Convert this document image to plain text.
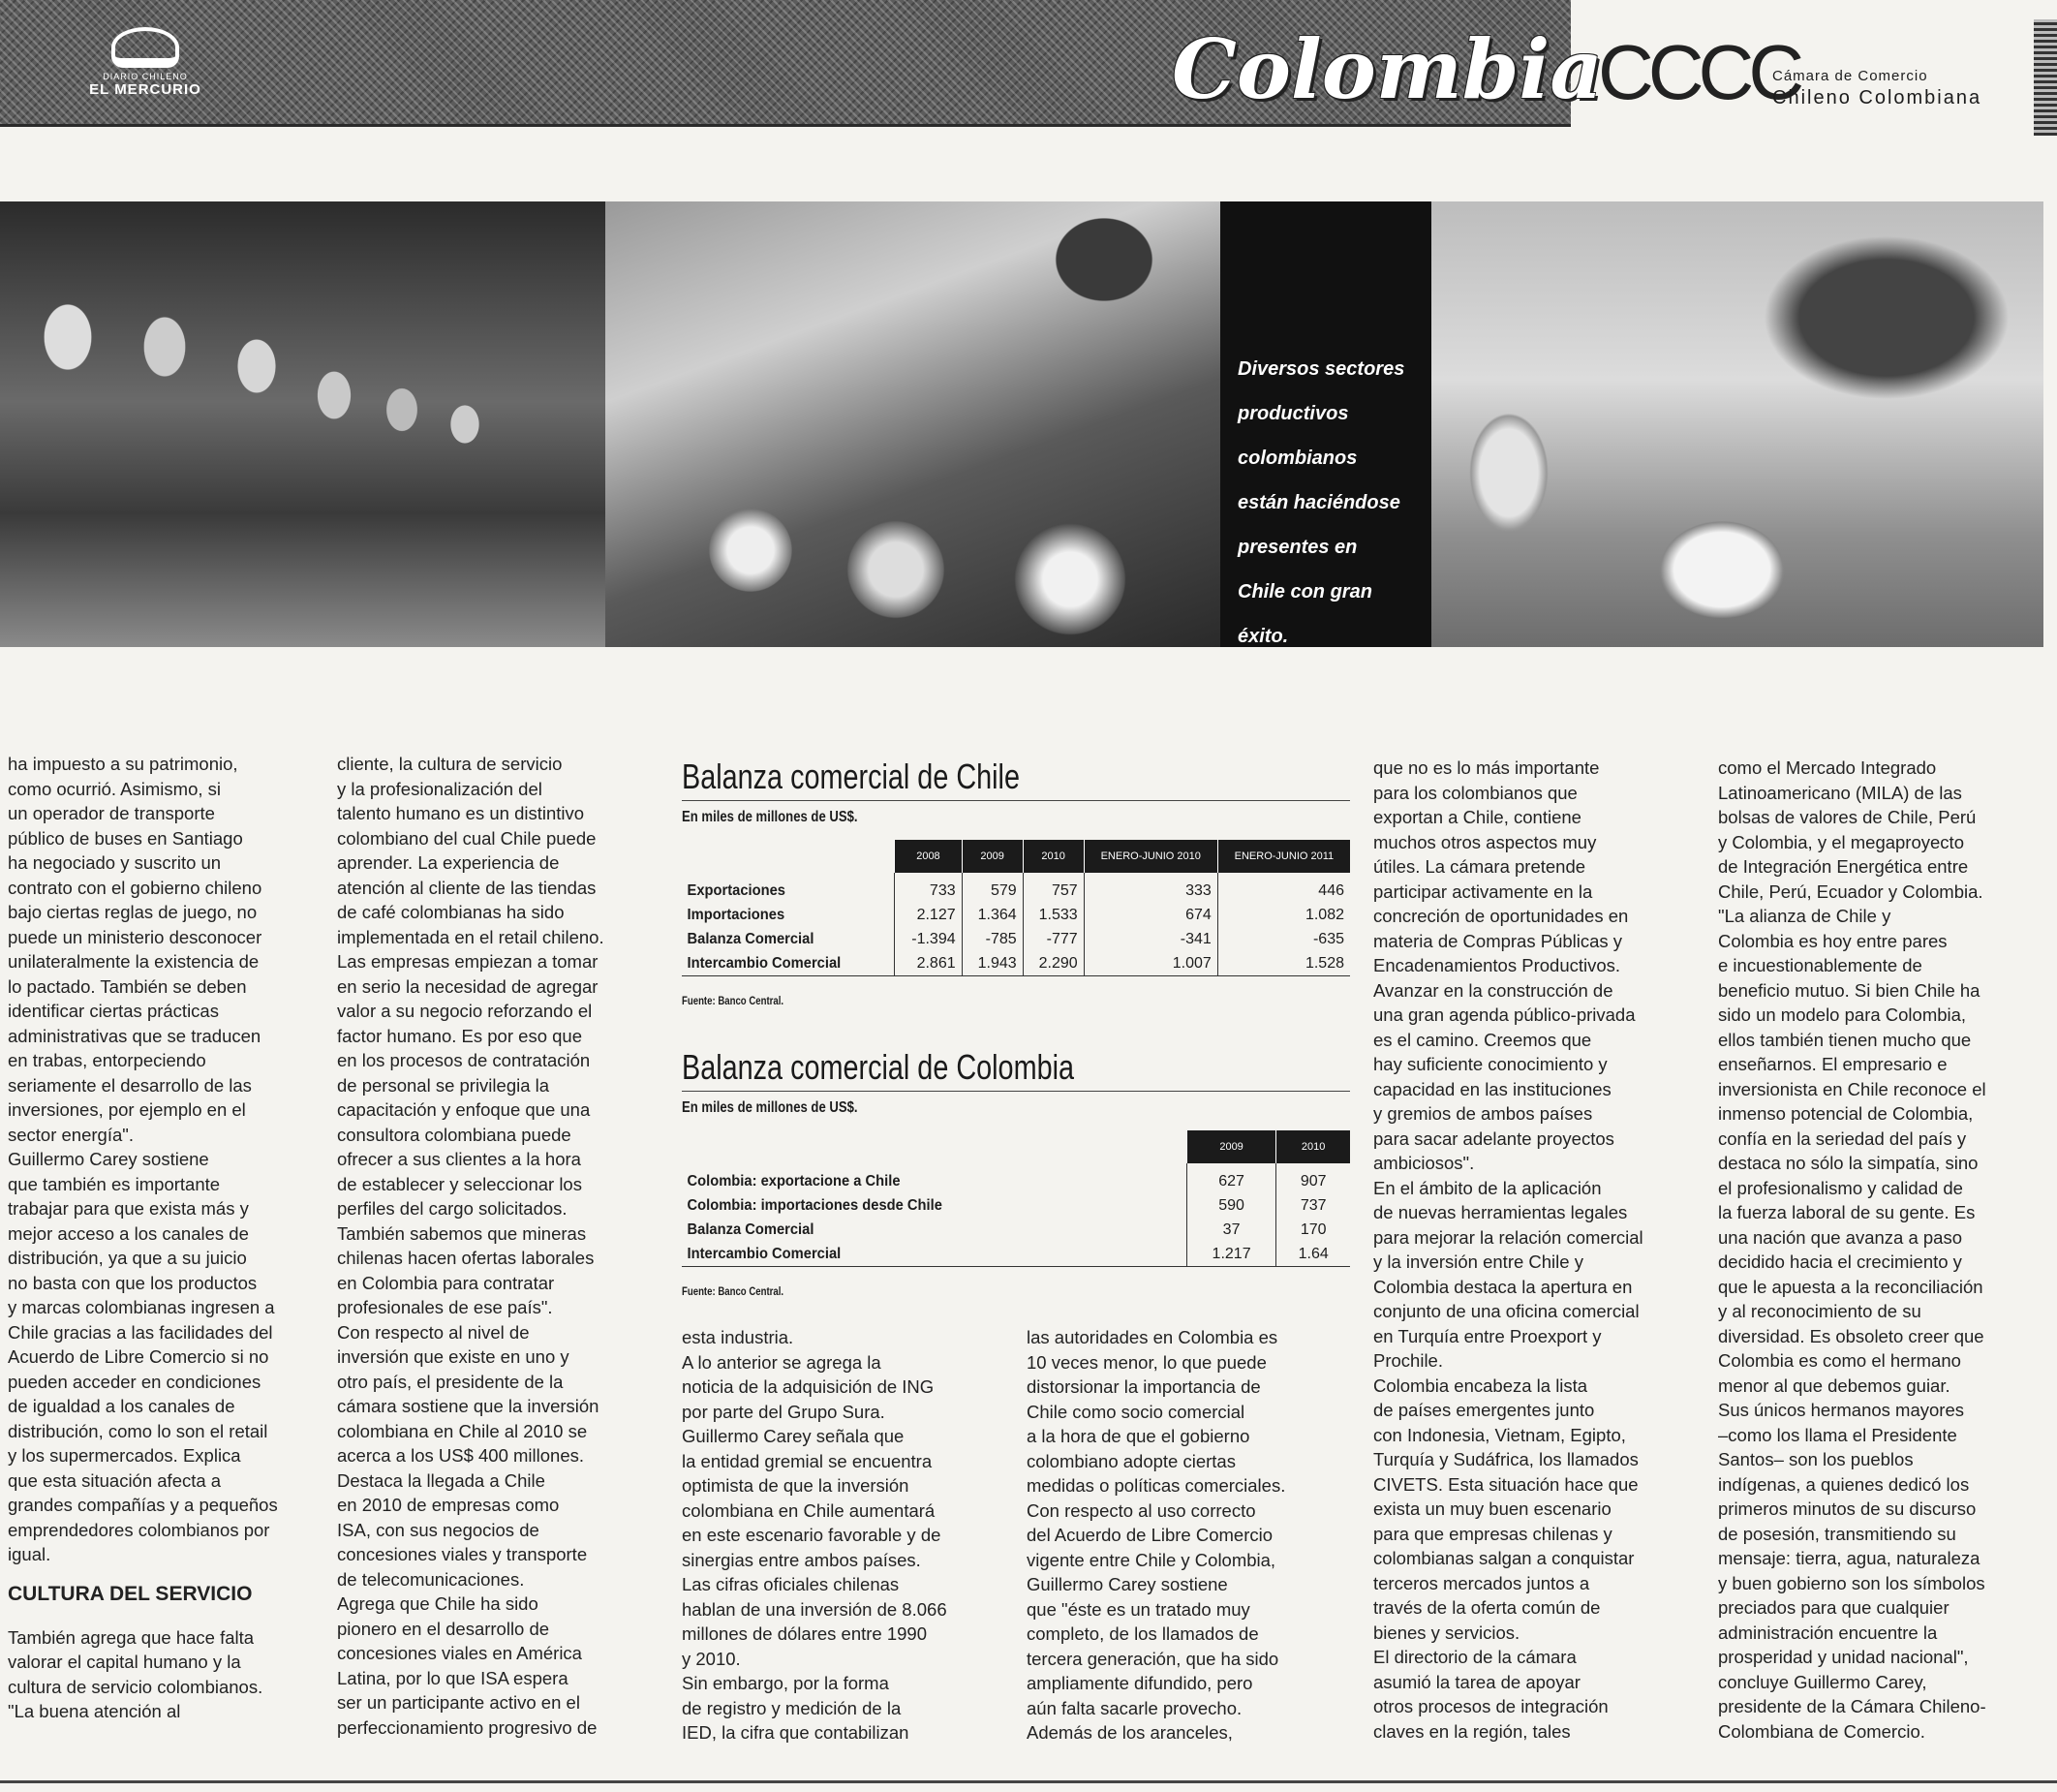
DIARIO CHILENO
EL MERCURIO	Colombia
CCCC
Cámara de Comercio
Chileno Colombiana

Diversos sectores

productivos

colombianos

están haciéndose

presentes en

Chile con gran

éxito.

ha impuesto a su patrimonio,

como ocurrió. Asimismo, si

un operador de transporte

público de buses en Santiago

ha negociado y suscrito un

contrato con el gobierno chileno

bajo ciertas reglas de juego, no

puede un ministerio desconocer

unilateralmente la existencia de

lo pactado. También se deben

identificar ciertas prácticas

administrativas que se traducen

en trabas, entorpeciendo

seriamente el desarrollo de las

inversiones, por ejemplo en el

sector energía".

Guillermo Carey sostiene

que también es importante

trabajar para que exista más y

mejor acceso a los canales de

distribución, ya que a su juicio

no basta con que los productos

y marcas colombianas ingresen a

Chile gracias a las facilidades del

Acuerdo de Libre Comercio si no

pueden acceder en condiciones

de igualdad a los canales de

distribución, como lo son el retail

y los supermercados. Explica

que esta situación afecta a

grandes compañías y a pequeños

emprendedores colombianos por

igual.

CULTURA DEL SERVICIO

También agrega que hace falta

valorar el capital humano y la

cultura de servicio colombianos.

"La buena atención al

cliente, la cultura de servicio

y la profesionalización del

talento humano es un distintivo

colombiano del cual Chile puede

aprender. La experiencia de

atención al cliente de las tiendas

de café colombianas ha sido

implementada en el retail chileno.

Las empresas empiezan a tomar

en serio la necesidad de agregar

valor a su negocio reforzando el

factor humano. Es por eso que

en los procesos de contratación

de personal se privilegia la

capacitación y enfoque que una

consultora colombiana puede

ofrecer a sus clientes a la hora

de establecer y seleccionar los

perfiles del cargo solicitados.

También sabemos que mineras

chilenas hacen ofertas laborales

en Colombia para contratar

profesionales de ese país".

Con respecto al nivel de

inversión que existe en uno y

otro país, el presidente de la

cámara sostiene que la inversión

colombiana en Chile al 2010 se

acerca a los US$ 400 millones.

Destaca la llegada a Chile

en 2010 de empresas como

ISA, con sus negocios de

concesiones viales y transporte

de telecomunicaciones.

Agrega que Chile ha sido

pionero en el desarrollo de

concesiones viales en América

Latina, por lo que ISA espera

ser un participante activo en el

perfeccionamiento progresivo de

esta industria.

A lo anterior se agrega la

noticia de la adquisición de ING

por parte del Grupo Sura.

Guillermo Carey señala que

la entidad gremial se encuentra

optimista de que la inversión

colombiana en Chile aumentará

en este escenario favorable y de

sinergias entre ambos países.

Las cifras oficiales chilenas

hablan de una inversión de 8.066

millones de dólares entre 1990

y 2010.

Sin embargo, por la forma

de registro y medición de la

IED, la cifra que contabilizan

las autoridades en Colombia es

10 veces menor, lo que puede

distorsionar la importancia de

Chile como socio comercial

a la hora de que el gobierno

colombiano adopte ciertas

medidas o políticas comerciales.

Con respecto al uso correcto

del Acuerdo de Libre Comercio

vigente entre Chile y Colombia,

Guillermo Carey sostiene

que "éste es un tratado muy

completo, de los llamados de

tercera generación, que ha sido

ampliamente difundido, pero

aún falta sacarle provecho.

Además de los aranceles,

que no es lo más importante

para los colombianos que

exportan a Chile, contiene

muchos otros aspectos muy

útiles. La cámara pretende

participar activamente en la

concreción de oportunidades en

materia de Compras Públicas y

Encadenamientos Productivos.

Avanzar en la construcción de

una gran agenda público-privada

es el camino. Creemos que

hay suficiente conocimiento y

capacidad en las instituciones

y gremios de ambos países

para sacar adelante proyectos

ambiciosos".

En el ámbito de la aplicación

de nuevas herramientas legales

para mejorar la relación comercial

y la inversión entre Chile y

Colombia destaca la apertura en

conjunto de una oficina comercial

en Turquía entre Proexport y

Prochile.

Colombia encabeza la lista

de países emergentes junto

con Indonesia, Vietnam, Egipto,

Turquía y Sudáfrica, los llamados

CIVETS. Esta situación hace que

exista un muy buen escenario

para que empresas chilenas y

colombianas salgan a conquistar

terceros mercados juntos a

través de la oferta común de

bienes y servicios.

El directorio de la cámara

asumió la tarea de apoyar

otros procesos de integración

claves en la región, tales

como el Mercado Integrado

Latinoamericano (MILA) de las

bolsas de valores de Chile, Perú

y Colombia, y el megaproyecto

de Integración Energética entre

Chile, Perú, Ecuador y Colombia.

"La alianza de Chile y

Colombia es hoy entre pares

e incuestionablemente de

beneficio mutuo. Si bien Chile ha

sido un modelo para Colombia,

ellos también tienen mucho que

enseñarnos. El empresario e

inversionista en Chile reconoce el

inmenso potencial de Colombia,

confía en la seriedad del país y

destaca no sólo la simpatía, sino

el profesionalismo y calidad de

la fuerza laboral de su gente. Es

una nación que avanza a paso

decidido hacia el crecimiento y

que le apuesta a la reconciliación

y al reconocimiento de su

diversidad. Es obsoleto creer que

Colombia es como el hermano

menor al que debemos guiar.

Sus únicos hermanos mayores

–como los llama el Presidente

Santos– son los pueblos

indígenas, a quienes dedicó los

primeros minutos de su discurso

de posesión, transmitiendo su

mensaje: tierra, agua, naturaleza

y buen gobierno son los símbolos

preciados para que cualquier

administración encuentre la

prosperidad y unidad nacional",

concluye Guillermo Carey,

presidente de la Cámara Chileno-

Colombiana de Comercio.

Balanza comercial de Chile
En miles de millones de US$.
	2008	2009	2010	ENERO-JUNIO 2010	ENERO-JUNIO 2011
Exportaciones	733	579	757	333	446
Importaciones	2.127	1.364	1.533	674	1.082
Balanza Comercial	-1.394	-785	-777	-341	-635
Intercambio Comercial	2.861	1.943	2.290	1.007	1.528
Fuente: Banco Central.
Balanza comercial de Colombia
En miles de millones de US$.
	2009	2010
Colombia: exportacione a Chile	627	907
Colombia: importaciones desde Chile	590	737
Balanza Comercial	37	170
Intercambio Comercial	1.217	1.64
Fuente: Banco Central.
